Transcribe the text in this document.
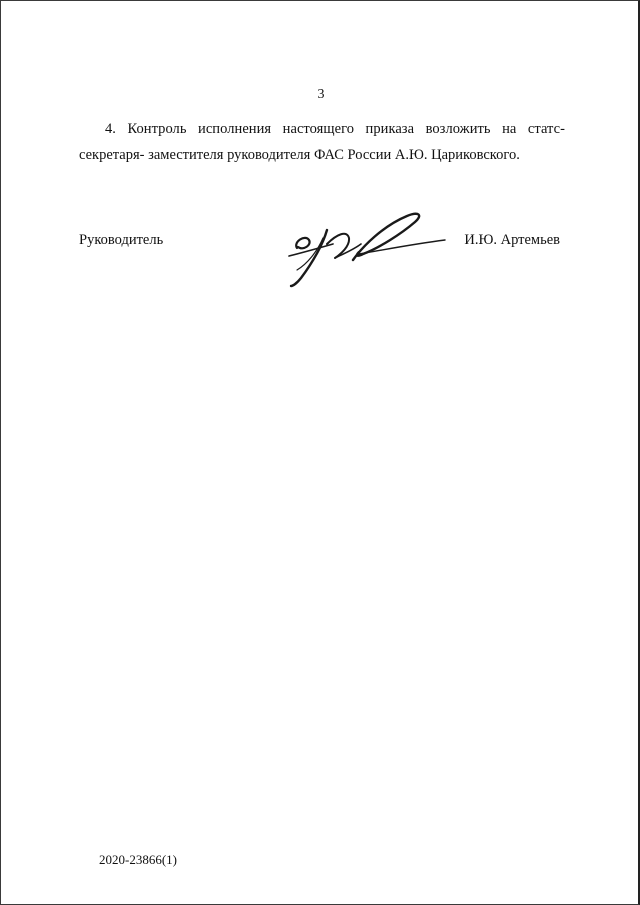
3

4. Контроль исполнения настоящего приказа возложить на статс-
секретаря- заместителя руководителя ФАС России А.Ю. Цариковского.

Руководитель	И.Ю. Артемьев
2020-23866(1)
